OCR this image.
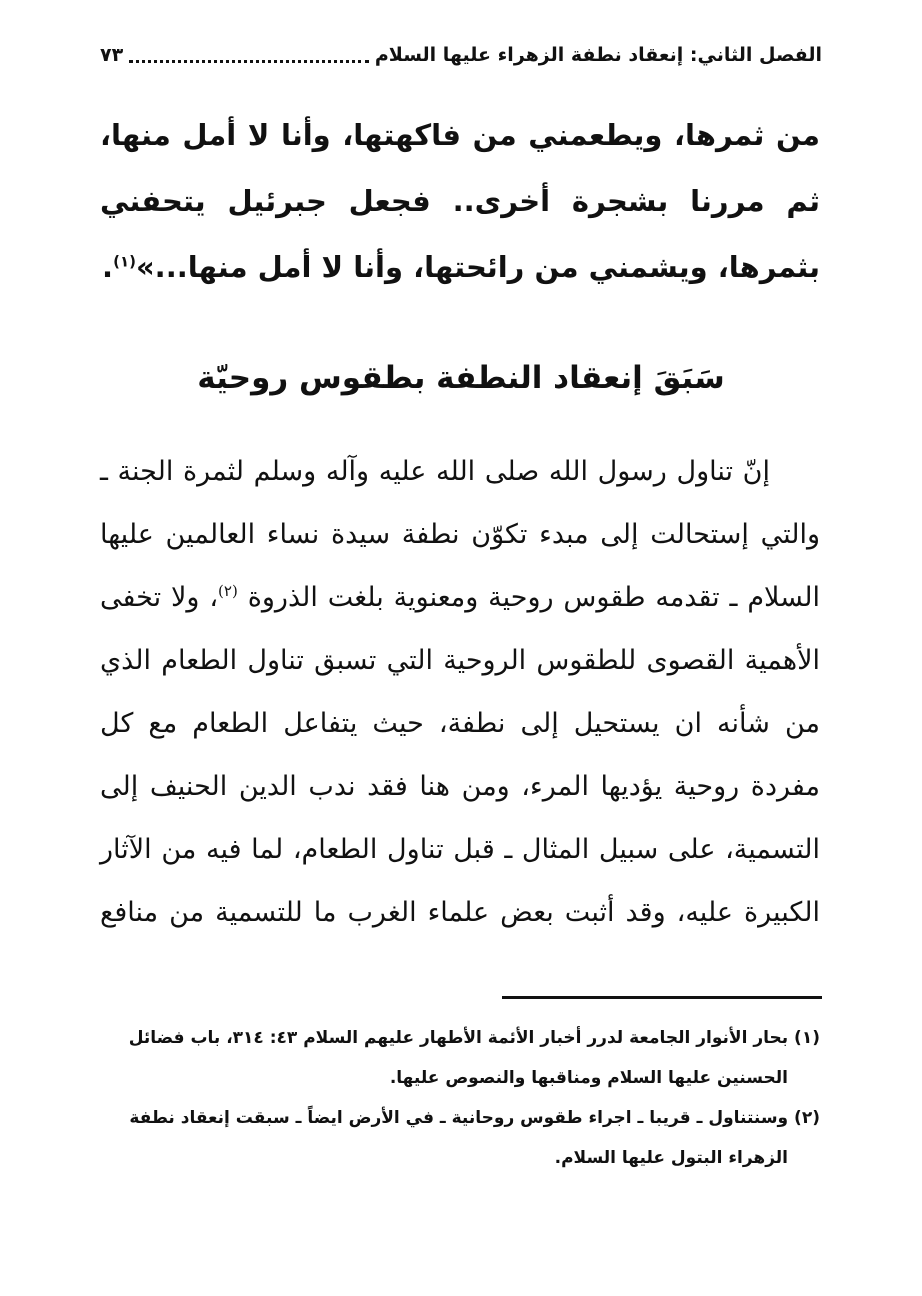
الفصل الثاني: إنعقاد نطفة الزهراء عليها السلام
٧٣

من ثمرها، ويطعمني من فاكهتها، وأنا لا أمل منها، ثم مررنا بشجرة أخرى.. فجعل جبرئيل يتحفني بثمرها، ويشمني من رائحتها، وأنا لا أمل منها...»$^{(١)}$.

سَبَقَ إنعقاد النطفة بطقوس روحيّة

إنّ تناول رسول الله صلى الله عليه وآله وسلم لثمرة الجنة ـ والتي إستحالت إلى مبدء تكوّن نطفة سيدة نساء العالمين عليها السلام ـ تقدمه طقوس روحية ومعنوية بلغت الذروة $^{(٢)}$، ولا تخفى الأهمية القصوى للطقوس الروحية التي تسبق تناول الطعام الذي من شأنه ان يستحيل إلى نطفة، حيث يتفاعل الطعام مع كل مفردة روحية يؤديها المرء، ومن هنا فقد ندب الدين الحنيف إلى التسمية، على سبيل المثال ـ قبل تناول الطعام، لما فيه من الآثار الكبيرة عليه، وقد أثبت بعض علماء الغرب ما للتسمية من منافع

(١) بحار الأنوار الجامعة لدرر أخبار الأئمة الأطهار عليهم السلام ٤٣: ٣١٤، باب فضائل
الحسنين عليها السلام ومناقبها والنصوص عليها.
(٢) وسنتناول ـ قريبا ـ اجراء طقوس روحانية ـ في الأرض ايضاً ـ سبقت إنعقاد نطفة
الزهراء البتول عليها السلام.
